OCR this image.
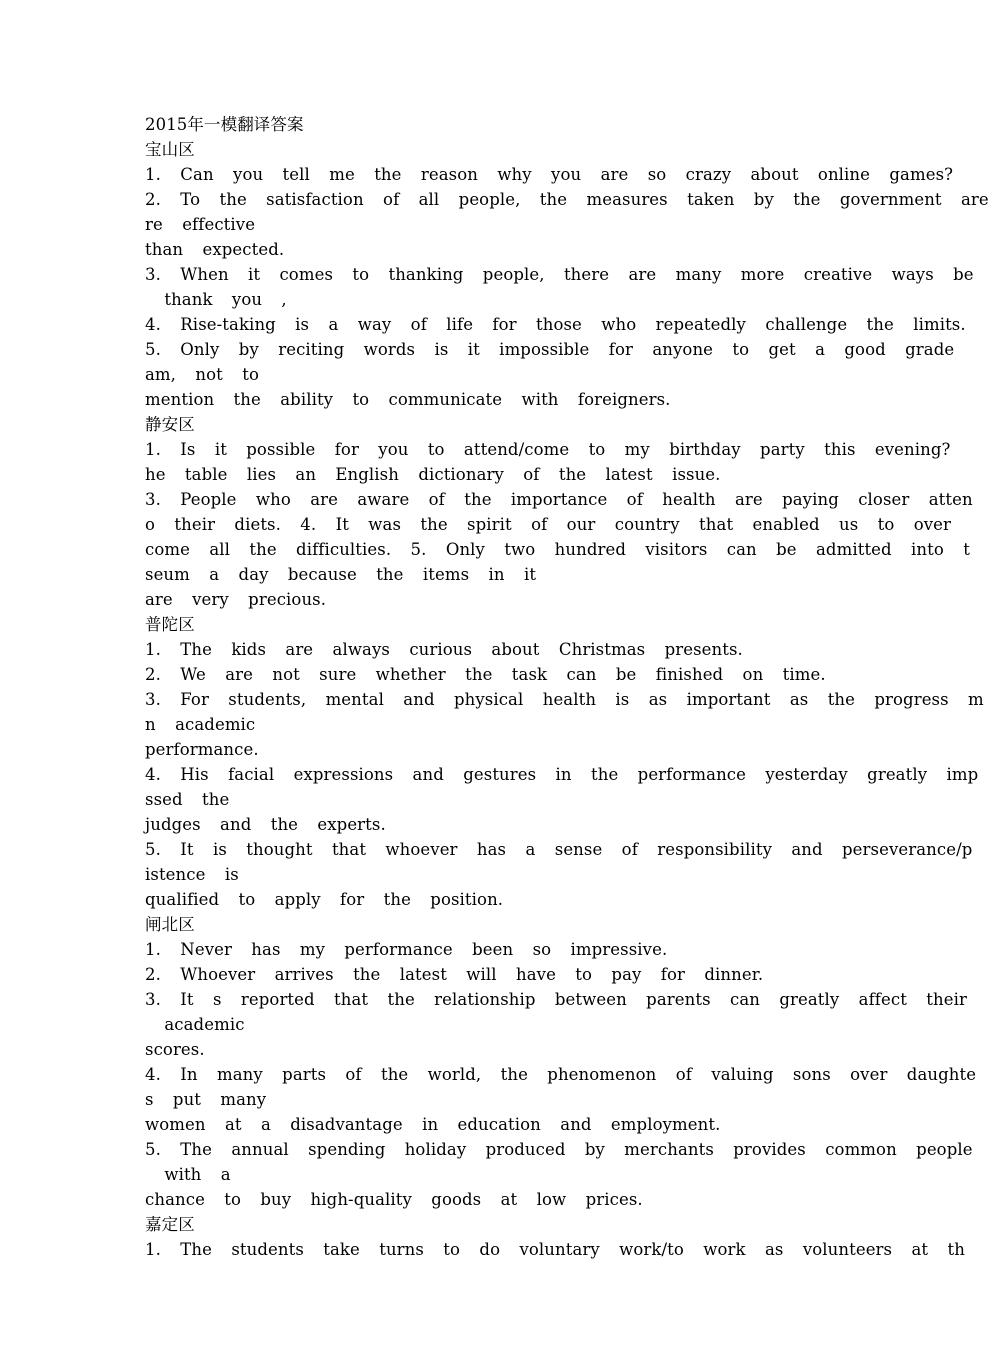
2015年一模翻译答案
宝山区
1. Can you tell me the reason why you are so crazy about online games?
2. To the satisfaction of all people, the measures taken by the government are
re effective
than expected.
3. When it comes to thanking people, there are many more creative ways be
thank you ,
4. Rise-taking is a way of life for those who repeatedly challenge the limits.
5. Only by reciting words is it impossible for anyone to get a good grade
am, not to
mention the ability to communicate with foreigners.
静安区
1. Is it possible for you to attend/come to my birthday party this evening?
he table lies an English dictionary of the latest issue.
3. People who are aware of the importance of health are paying closer atten
o their diets. 4. It was the spirit of our country that enabled us to over
come all the difficulties. 5. Only two hundred visitors can be admitted into t
seum a day because the items in it
are very precious.
普陀区
1. The kids are always curious about Christmas presents.
2. We are not sure whether the task can be finished on time.
3. For students, mental and physical health is as important as the progress m
n academic
performance.
4. His facial expressions and gestures in the performance yesterday greatly imp
ssed the
judges and the experts.
5. It is thought that whoever has a sense of responsibility and perseverance/p
istence is
qualified to apply for the position.
闸北区
1. Never has my performance been so impressive.
2. Whoever arrives the latest will have to pay for dinner.
3. It s reported that the relationship between parents can greatly affect their
academic
scores.
4. In many parts of the world, the phenomenon of valuing sons over daughte
s put many
women at a disadvantage in education and employment.
5. The annual spending holiday produced by merchants provides common people
with a
chance to buy high-quality goods at low prices.
嘉定区
1. The students take turns to do voluntary work/to work as volunteers at th
